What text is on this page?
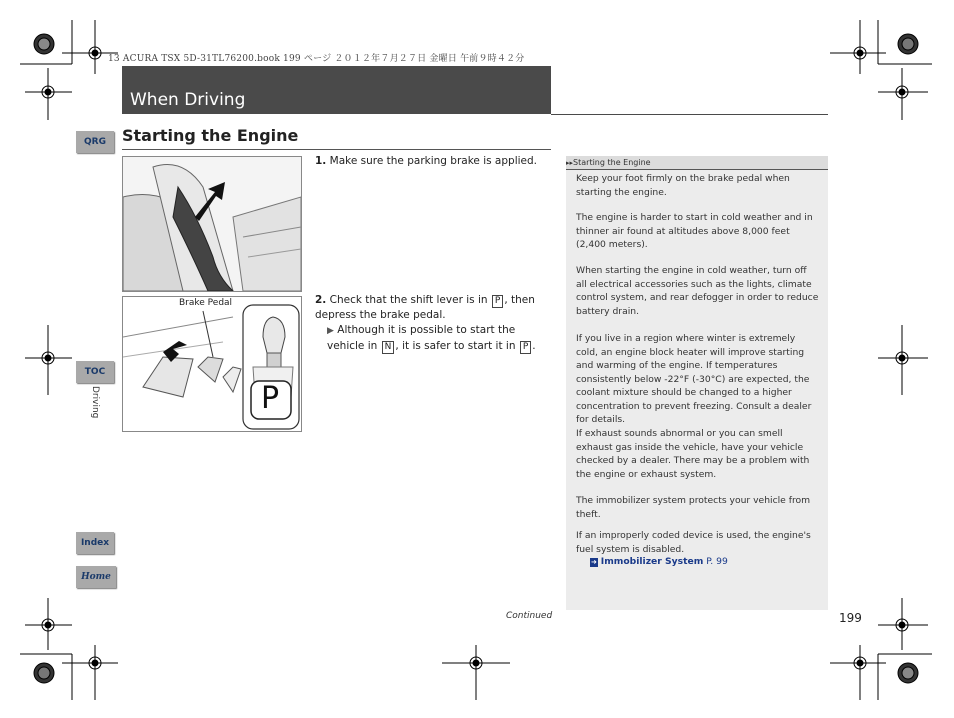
13 ACURA TSX 5D-31TL76200.book 199 ページ ２０１２年７月２７日 金曜日 午前９時４２分
When Driving
Starting the Engine
QRG
TOC
Driving
Index
Home
Brake Pedal
P
1. Make sure the parking brake is applied.
2. Check that the shift lever is in P , then depress the brake pedal.
▶ Although it is possible to start the vehicle in N , it is safer to start it in P .
▸▸Starting the Engine
Keep your foot firmly on the brake pedal when starting the engine.
The engine is harder to start in cold weather and in thinner air found at altitudes above 8,000 feet (2,400 meters).
When starting the engine in cold weather, turn off all electrical accessories such as the lights, climate control system, and rear defogger in order to reduce battery drain.
If you live in a region where winter is extremely cold, an engine block heater will improve starting and warming of the engine. If temperatures consistently below -22°F (-30°C) are expected, the coolant mixture should be changed to a higher concentration to prevent freezing. Consult a dealer for details.
If exhaust sounds abnormal or you can smell exhaust gas inside the vehicle, have your vehicle checked by a dealer. There may be a problem with the engine or exhaust system.
The immobilizer system protects your vehicle from theft.
If an improperly coded device is used, the engine's fuel system is disabled.
➜ Immobilizer System P. 99
Continued	199
